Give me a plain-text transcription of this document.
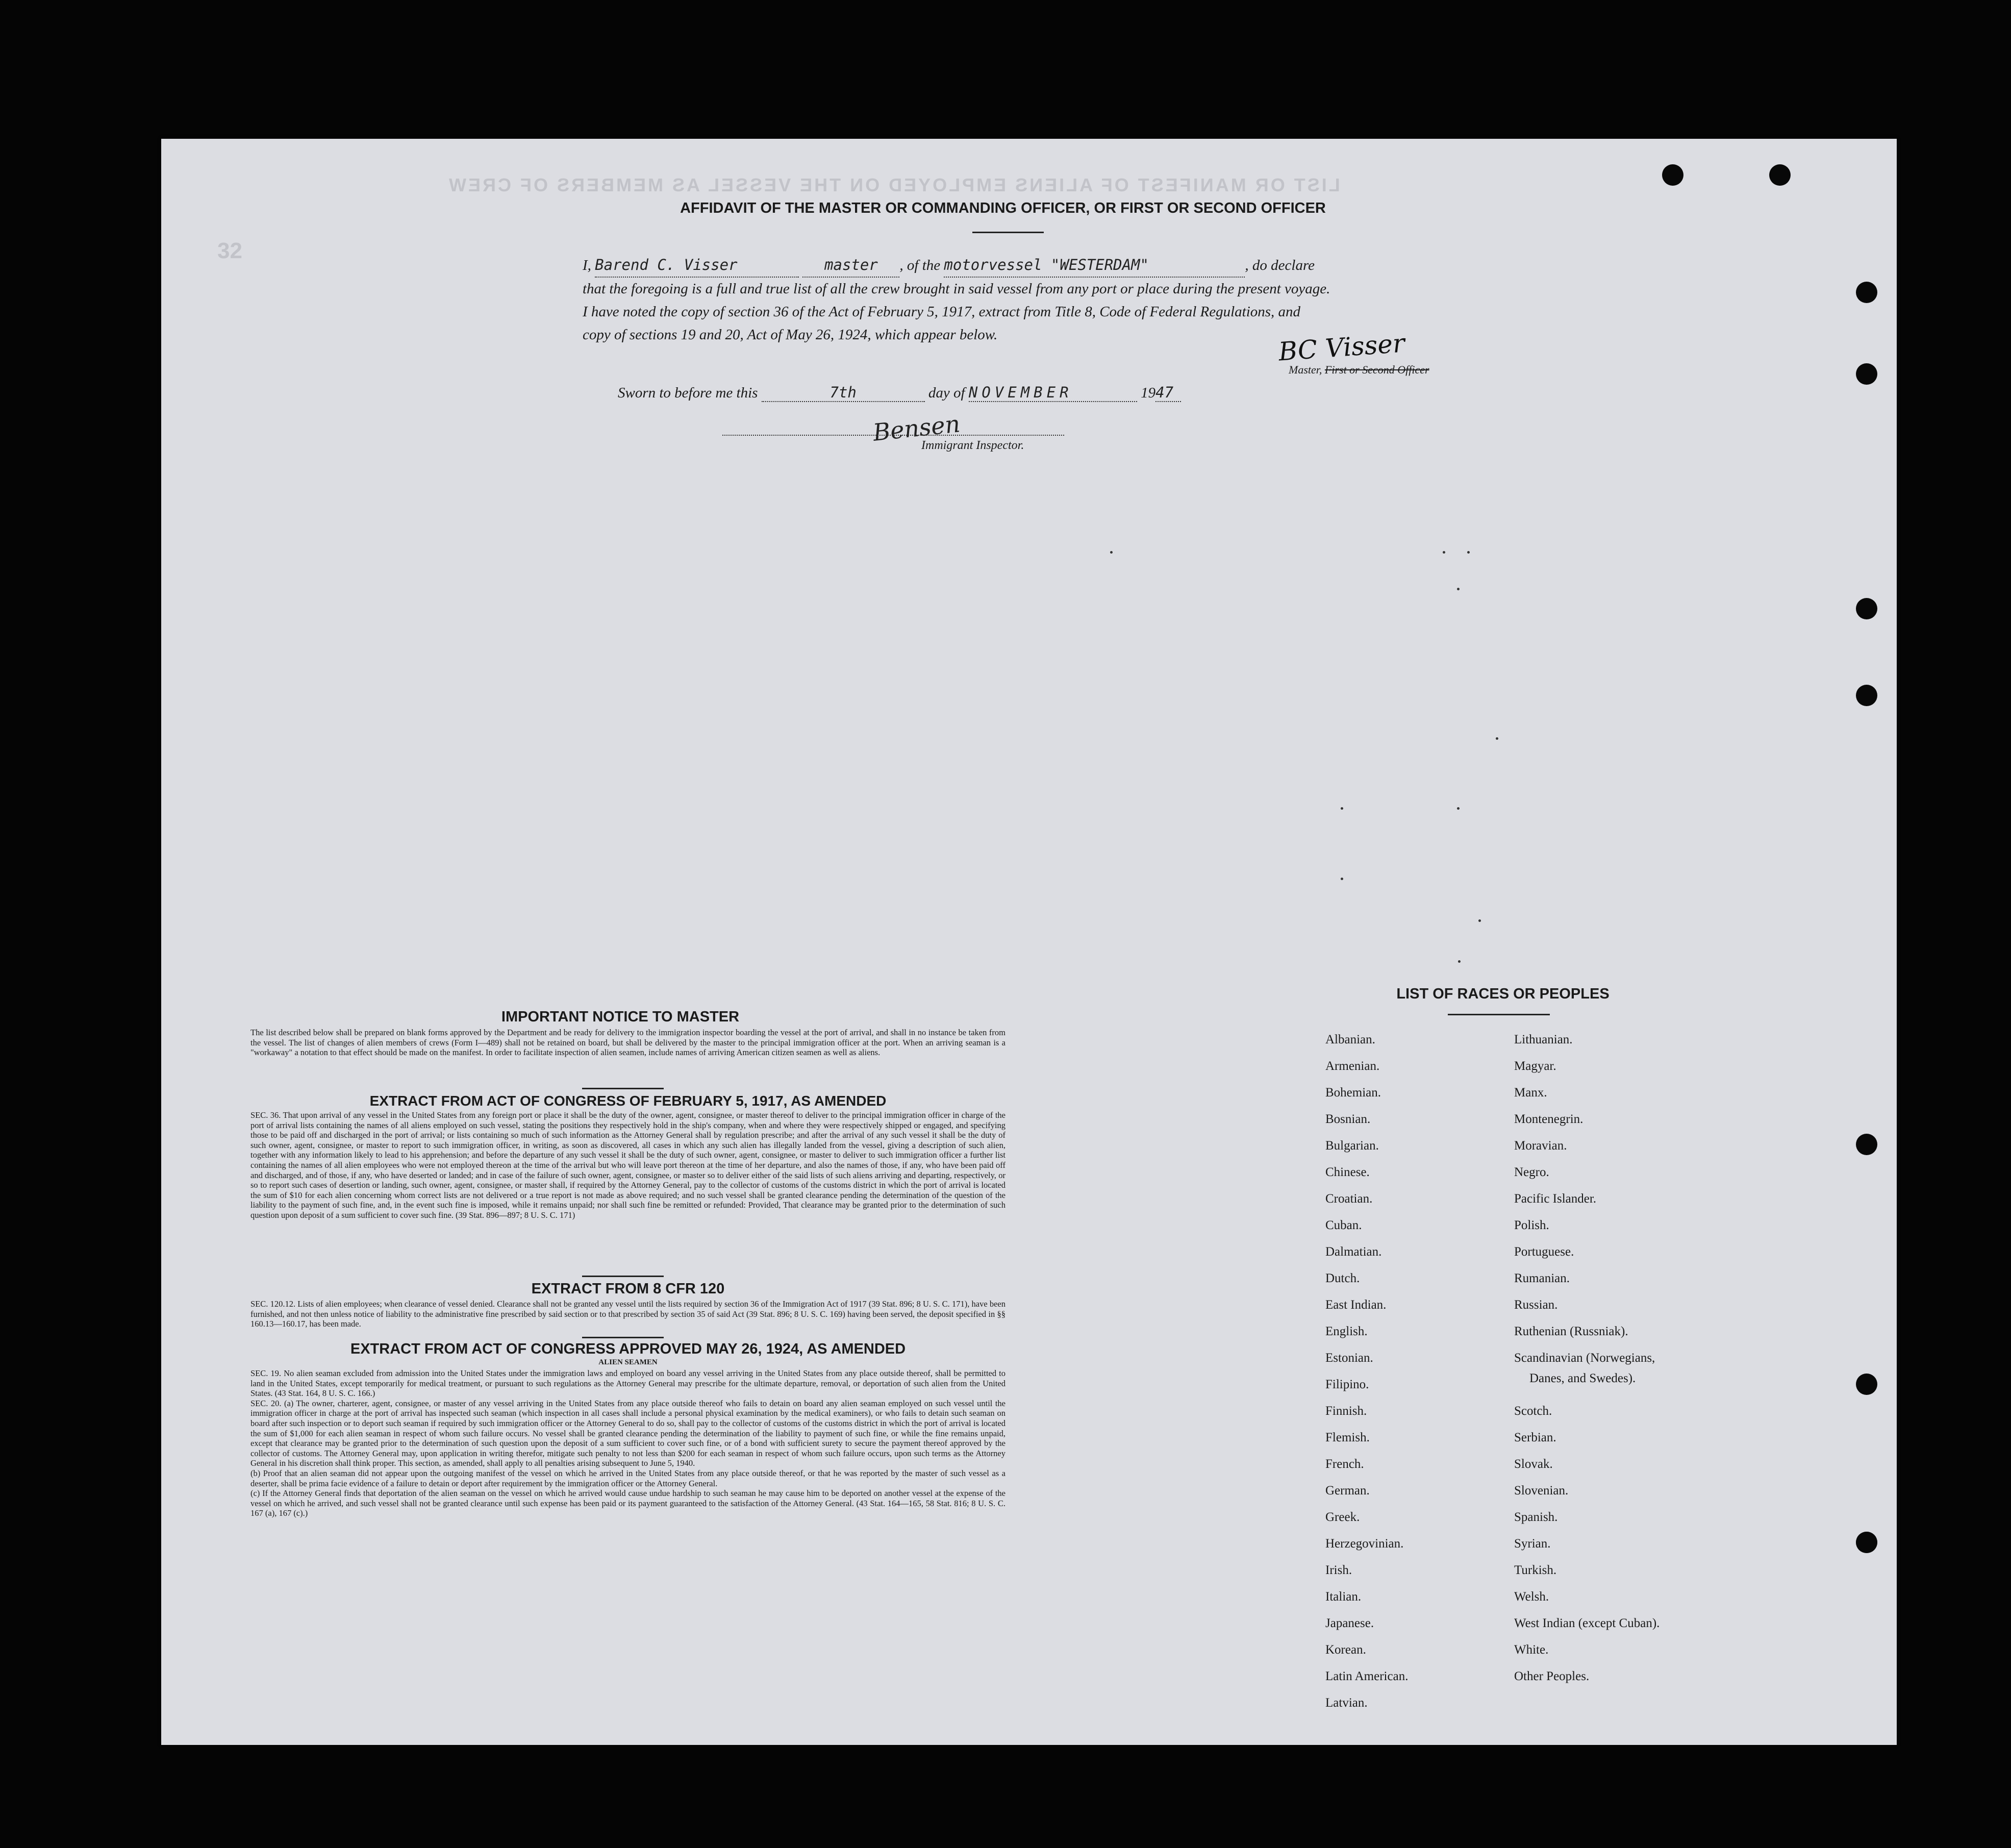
LIST OR MANIFEST OF ALIENS EMPLOYED ON THE VESSEL AS MEMBERS OF CREW
32
AFFIDAVIT OF THE MASTER OR COMMANDING OFFICER, OR FIRST OR SECOND OFFICER
I, Barend C. Visser	master , of the motorvessel "WESTERDAM"	, do declare
that the foregoing is a full and true list of all the crew brought in said vessel from any port or place during the present voyage.
I have noted the copy of section 36 of the Act of February 5, 1917, extract from Title 8, Code of Federal Regulations, and
copy of sections 19 and 20, Act of May 26, 1924, which appear below.	BC Visser
Master, First or Second Officer
Sworn to before me this	7th	day of NOVEMBER	1947
Bensen
Immigrant Inspector.
IMPORTANT NOTICE TO MASTER
The list described below shall be prepared on blank forms approved by the Department and be ready for delivery to the immigration inspector boarding the vessel at the port of arrival, and shall in no instance be taken from the vessel. The list of changes of alien members of crews (Form I—489) shall not be retained on board, but shall be delivered by the master to the principal immigration officer at the port. When an arriving seaman is a "workaway" a notation to that effect should be made on the manifest. In order to facilitate inspection of alien seamen, include names of arriving American citizen seamen as well as aliens.
EXTRACT FROM ACT OF CONGRESS OF FEBRUARY 5, 1917, AS AMENDED
SEC. 36. That upon arrival of any vessel in the United States from any foreign port or place it shall be the duty of the owner, agent, consignee, or master thereof to deliver to the principal immigration officer in charge of the port of arrival lists containing the names of all aliens employed on such vessel, stating the positions they respectively hold in the ship's company, when and where they were respectively shipped or engaged, and specifying those to be paid off and discharged in the port of arrival; or lists containing so much of such information as the Attorney General shall by regulation prescribe; and after the arrival of any such vessel it shall be the duty of such owner, agent, consignee, or master to report to such immigration officer, in writing, as soon as discovered, all cases in which any such alien has illegally landed from the vessel, giving a description of such alien, together with any information likely to lead to his apprehension; and before the departure of any such vessel it shall be the duty of such owner, agent, consignee, or master to deliver to such immigration officer a further list containing the names of all alien employees who were not employed thereon at the time of the arrival but who will leave port thereon at the time of her departure, and also the names of those, if any, who have been paid off and discharged, and of those, if any, who have deserted or landed; and in case of the failure of such owner, agent, consignee, or master so to deliver either of the said lists of such aliens arriving and departing, respectively, or so to report such cases of desertion or landing, such owner, agent, consignee, or master shall, if required by the Attorney General, pay to the collector of customs of the customs district in which the port of arrival is located the sum of $10 for each alien concerning whom correct lists are not delivered or a true report is not made as above required; and no such vessel shall be granted clearance pending the determination of the question of the liability to the payment of such fine, and, in the event such fine is imposed, while it remains unpaid; nor shall such fine be remitted or refunded: Provided, That clearance may be granted prior to the determination of such question upon deposit of a sum sufficient to cover such fine. (39 Stat. 896—897; 8 U. S. C. 171)
EXTRACT FROM 8 CFR 120
SEC. 120.12. Lists of alien employees; when clearance of vessel denied. Clearance shall not be granted any vessel until the lists required by section 36 of the Immigration Act of 1917 (39 Stat. 896; 8 U. S. C. 171), have been furnished, and not then unless notice of liability to the administrative fine prescribed by said section or to that prescribed by section 35 of said Act (39 Stat. 896; 8 U. S. C. 169) having been served, the deposit specified in §§ 160.13—160.17, has been made.
EXTRACT FROM ACT OF CONGRESS APPROVED MAY 26, 1924, AS AMENDED
ALIEN SEAMEN
SEC. 19. No alien seaman excluded from admission into the United States under the immigration laws and employed on board any vessel arriving in the United States from any place outside thereof, shall be permitted to land in the United States, except temporarily for medical treatment, or pursuant to such regulations as the Attorney General may prescribe for the ultimate departure, removal, or deportation of such alien from the United States. (43 Stat. 164, 8 U. S. C. 166.)
SEC. 20. (a) The owner, charterer, agent, consignee, or master of any vessel arriving in the United States from any place outside thereof who fails to detain on board any alien seaman employed on such vessel until the immigration officer in charge at the port of arrival has inspected such seaman (which inspection in all cases shall include a personal physical examination by the medical examiners), or who fails to detain such seaman on board after such inspection or to deport such seaman if required by such immigration officer or the Attorney General to do so, shall pay to the collector of customs of the customs district in which the port of arrival is located the sum of $1,000 for each alien seaman in respect of whom such failure occurs. No vessel shall be granted clearance pending the determination of the liability to payment of such fine, or while the fine remains unpaid, except that clearance may be granted prior to the determination of such question upon the deposit of a sum sufficient to cover such fine, or of a bond with sufficient surety to secure the payment thereof approved by the collector of customs. The Attorney General may, upon application in writing therefor, mitigate such penalty to not less than $200 for each seaman in respect of whom such failure occurs, upon such terms as the Attorney General in his discretion shall think proper. This section, as amended, shall apply to all penalties arising subsequent to June 5, 1940.
(b) Proof that an alien seaman did not appear upon the outgoing manifest of the vessel on which he arrived in the United States from any place outside thereof, or that he was reported by the master of such vessel as a deserter, shall be prima facie evidence of a failure to detain or deport after requirement by the immigration officer or the Attorney General.
(c) If the Attorney General finds that deportation of the alien seaman on the vessel on which he arrived would cause undue hardship to such seaman he may cause him to be deported on another vessel at the expense of the vessel on which he arrived, and such vessel shall not be granted clearance until such expense has been paid or its payment guaranteed to the satisfaction of the Attorney General. (43 Stat. 164—165, 58 Stat. 816; 8 U. S. C. 167 (a), 167 (c).)
LIST OF RACES OR PEOPLES
Albanian.
Armenian.
Bohemian.
Bosnian.
Bulgarian.
Chinese.
Croatian.
Cuban.
Dalmatian.
Dutch.
East Indian.
English.
Estonian.
Filipino.
Finnish.
Flemish.
French.
German.
Greek.
Herzegovinian.
Irish.
Italian.
Japanese.
Korean.
Latin American.
Latvian.
Lithuanian.
Magyar.
Manx.
Montenegrin.
Moravian.
Negro.
Pacific Islander.
Polish.
Portuguese.
Rumanian.
Russian.
Ruthenian (Russniak).
Scandinavian (Norwegians,
Danes, and Swedes).
Scotch.
Serbian.
Slovak.
Slovenian.
Spanish.
Syrian.
Turkish.
Welsh.
West Indian (except Cuban).
White.
Other Peoples.
